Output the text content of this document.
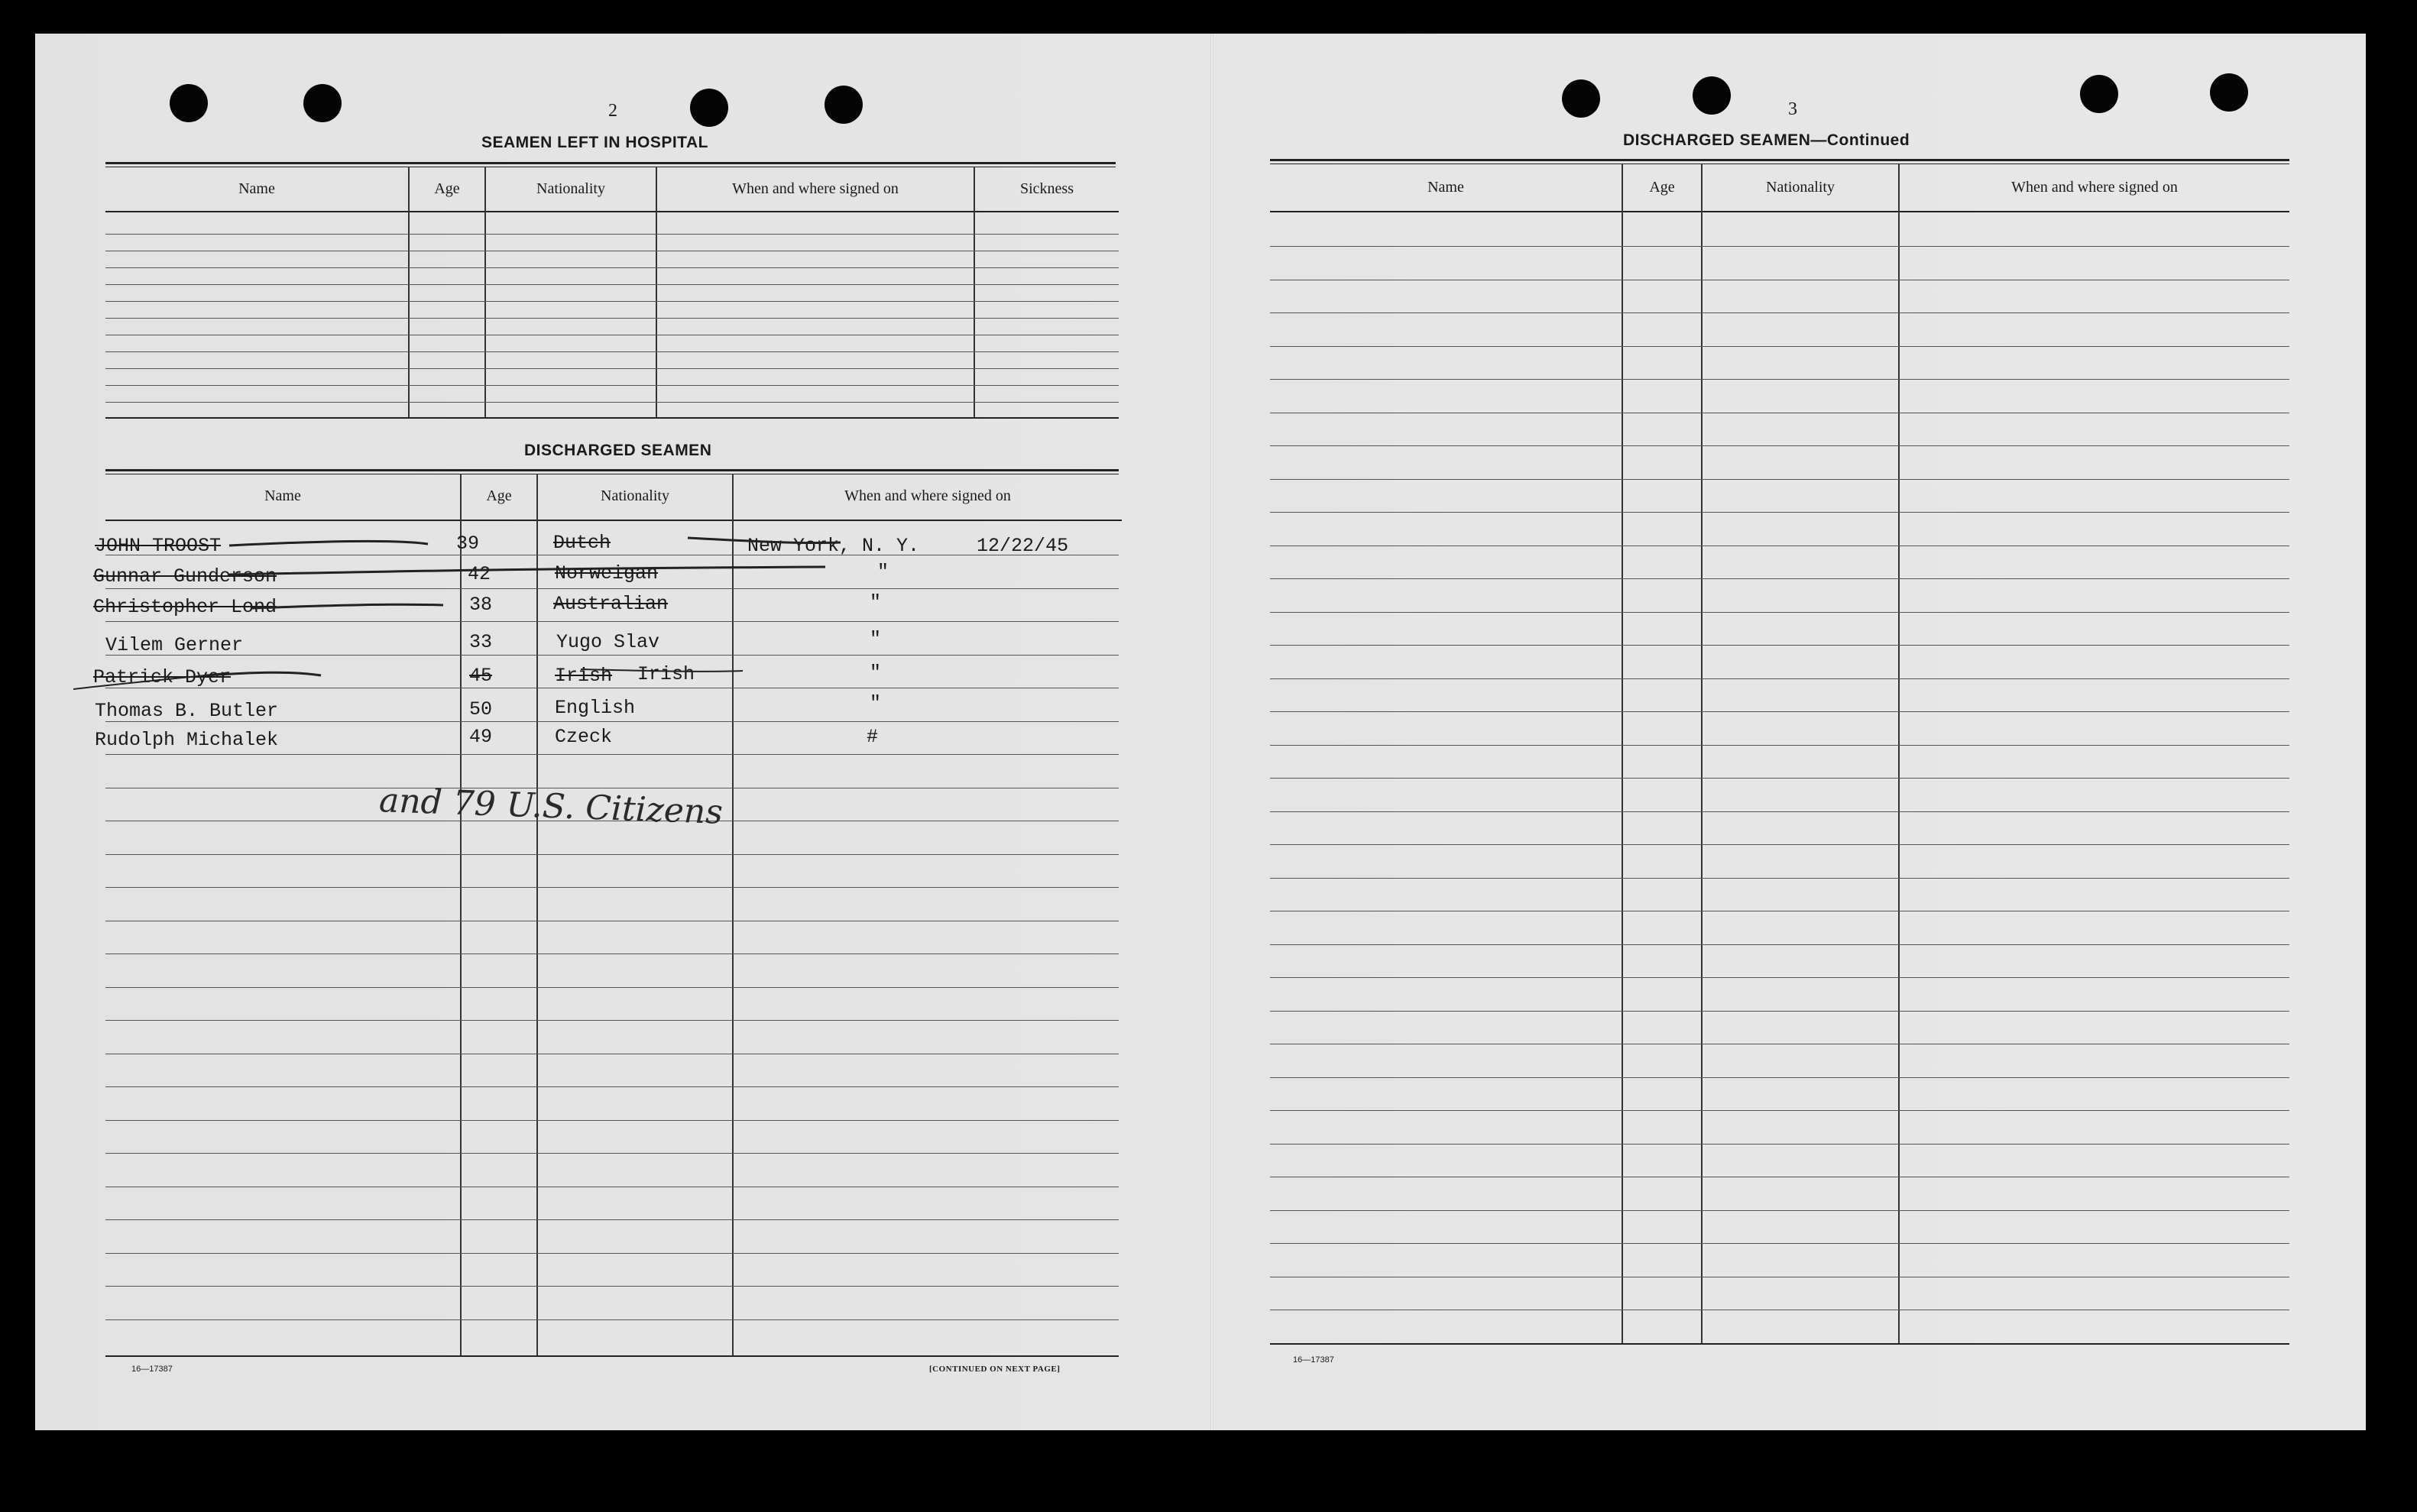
2
SEAMEN LEFT IN HOSPITAL
Name	Age	Nationality	When and where signed on	Sickness
DISCHARGED SEAMEN
Name	Age	Nationality	When and where signed on
JOHN TROOST	39	Dutch	New York, N. Y.     12/22/45
Gunnar Gunderson	42	Norweigan	"
Christopher Lond	38	Australian	"
Vilem Gerner	33	Yugo Slav	"
Patrick Dyer	45	Irish Irish	"
Thomas B. Butler	50	English	"
Rudolph Michalek	49	Czeck	#
and 79 U.S. Citizens
16—17387	[CONTINUED ON NEXT PAGE]
3
DISCHARGED SEAMEN—Continued
Name	Age	Nationality	When and where signed on
16—17387
